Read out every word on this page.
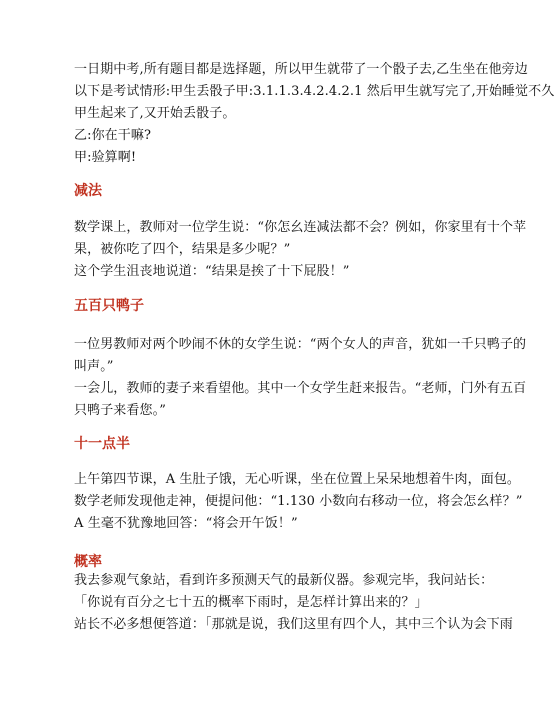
一日期中考,所有题目都是选择题，所以甲生就带了一个骰子去,乙生坐在他旁边
以下是考试情形:甲生丢骰子甲:3.1.1.3.4.2.4.2.1 然后甲生就写完了,开始睡觉不久
甲生起来了,又开始丢骰子。
乙:你在干嘛?
甲:验算啊!
减法
数学课上，教师对一位学生说：“你怎幺连减法都不会？例如，你家里有十个苹
果，被你吃了四个，结果是多少呢？”
这个学生沮丧地说道：“结果是挨了十下屁股！”
五百只鸭子
一位男教师对两个吵闹不休的女学生说：“两个女人的声音，犹如一千只鸭子的
叫声。”
一会儿，教师的妻子来看望他。其中一个女学生赶来报告。“老师，门外有五百
只鸭子来看您。”
十一点半
上午第四节课，A 生肚子饿，无心听课，坐在位置上呆呆地想着牛肉，面包。
数学老师发现他走神，便提问他：“1.130 小数向右移动一位，将会怎幺样？”
A 生毫不犹豫地回答：“将会开午饭！”
概率
我去参观气象站，看到许多预测天气的最新仪器。参观完毕，我问站长：
「你说有百分之七十五的概率下雨时，是怎样计算出来的？」
站长不必多想便答道：「那就是说，我们这里有四个人，其中三个认为会下雨
